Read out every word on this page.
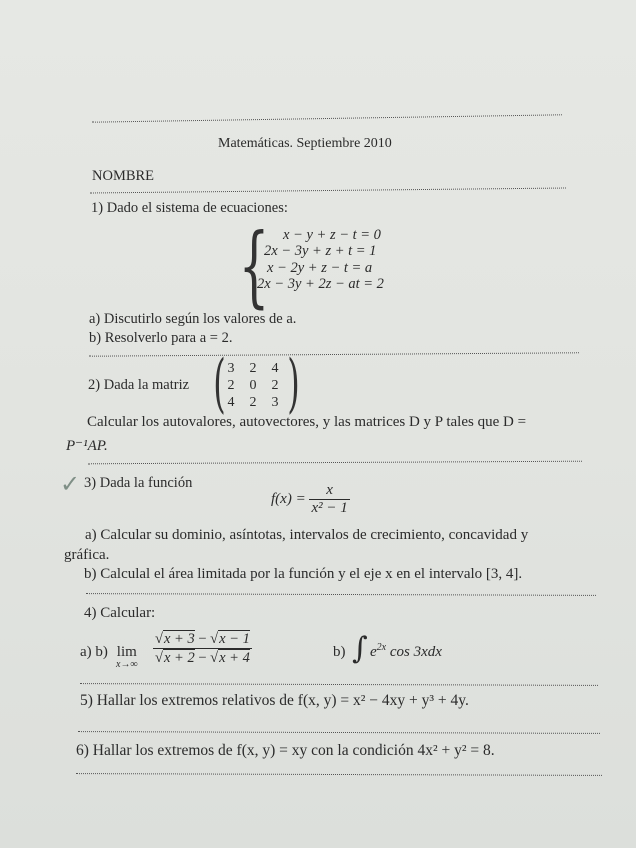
Matemáticas. Septiembre 2010
NOMBRE
1) Dado el sistema de ecuaciones:
{ x − y + z − t = 0
2x − 3y + z + t = 1
x − 2y + z − t = a
2x − 3y + 2z − at = 2
a) Discutirlo según los valores de a.
b) Resolverlo para a = 2.
2) Dada la matriz ( 3	2	4
2	0	2
4	2	3 )
Calcular los autovalores, autovectores, y las matrices D y P tales que D =
P⁻¹AP.
✓ 3) Dada la función
$f(x) = \frac{x}{\text{x² − 1}}$
a) Calcular su dominio, asíntotas, intervalos de crecimiento, concavidad y
gráfica.
b) Calculal el área limitada por la función y el eje x en el intervalo [3, 4].
4) Calcular:
a) b) lim
$x\to\infty \frac{√x + 3 - √x - 1}{√x + 2 - √x + 4}$	b) ∫ $e^{2x}$ cos 3xdx
5) Hallar los extremos relativos de f(x, y) = x² − 4xy + y³ + 4y.
6) Hallar los extremos de f(x, y) = xy con la condición 4x² + y² = 8.
